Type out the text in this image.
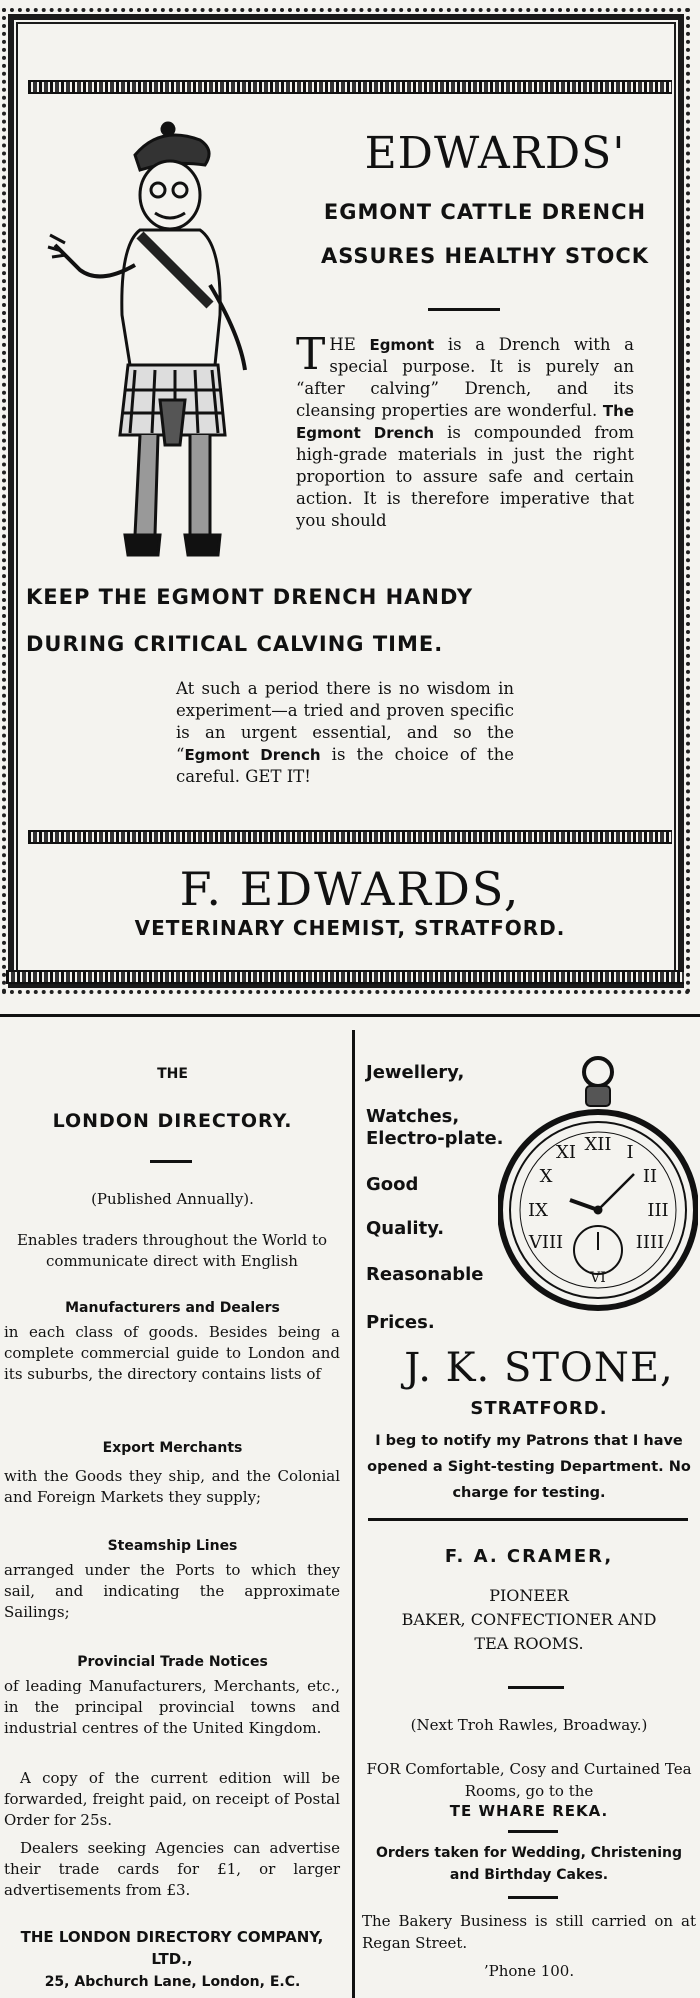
EDWARDS'
EGMONT CATTLE DRENCH
ASSURES HEALTHY STOCK
THE Egmont is a Drench with a special purpose. It is purely an “after calving” Drench, and its cleansing properties are wonderful. The Egmont Drench is compounded from high-grade materials in just the right proportion to assure safe and certain action. It is therefore imperative that you should
KEEP THE EGMONT DRENCH HANDY
DURING CRITICAL CALVING TIME.
At such a period there is no wisdom in experiment—a tried and proven specific is an urgent essential, and so the “Egmont Drench is the choice of the careful. GET IT!
F. EDWARDS,
VETERINARY CHEMIST, STRATFORD.
THE
LONDON DIRECTORY.
(Published Annually).
Enables traders throughout the World to communicate direct with English
Manufacturers and Dealers
in each class of goods. Besides being a complete commercial guide to London and its suburbs, the directory contains lists of
Export Merchants
with the Goods they ship, and the Colonial and Foreign Markets they supply;
Steamship Lines
arranged under the Ports to which they sail, and indicating the approximate Sailings;
Provincial Trade Notices
of leading Manufacturers, Merchants, etc., in the principal provincial towns and industrial centres of the United Kingdom.
A copy of the current edition will be forwarded, freight paid, on receipt of Postal Order for 25s.
Dealers seeking Agencies can advertise their trade cards for £1, or larger advertisements from £3.
THE LONDON DIRECTORY COMPANY, LTD.,
25, Abchurch Lane, London, E.C.
Jewellery,
Watches,
Electro-plate.
Good
Quality.
Reasonable
Prices.
XII I
II
III
IIII
VIII
IX
X
XI
VI
J. K. STONE,
STRATFORD.
I beg to notify my Patrons that I have opened a Sight-testing Department. No charge for testing.
F. A. CRAMER,
PIONEER
BAKER, CONFECTIONER AND
TEA ROOMS.
(Next Troh Rawles, Broadway.)
FOR Comfortable, Cosy and Curtained Tea Rooms, go to the
TE WHARE REKA.
Orders taken for Wedding, Christening and Birthday Cakes.
The Bakery Business is still carried on at Regan Street.
’Phone 100.
